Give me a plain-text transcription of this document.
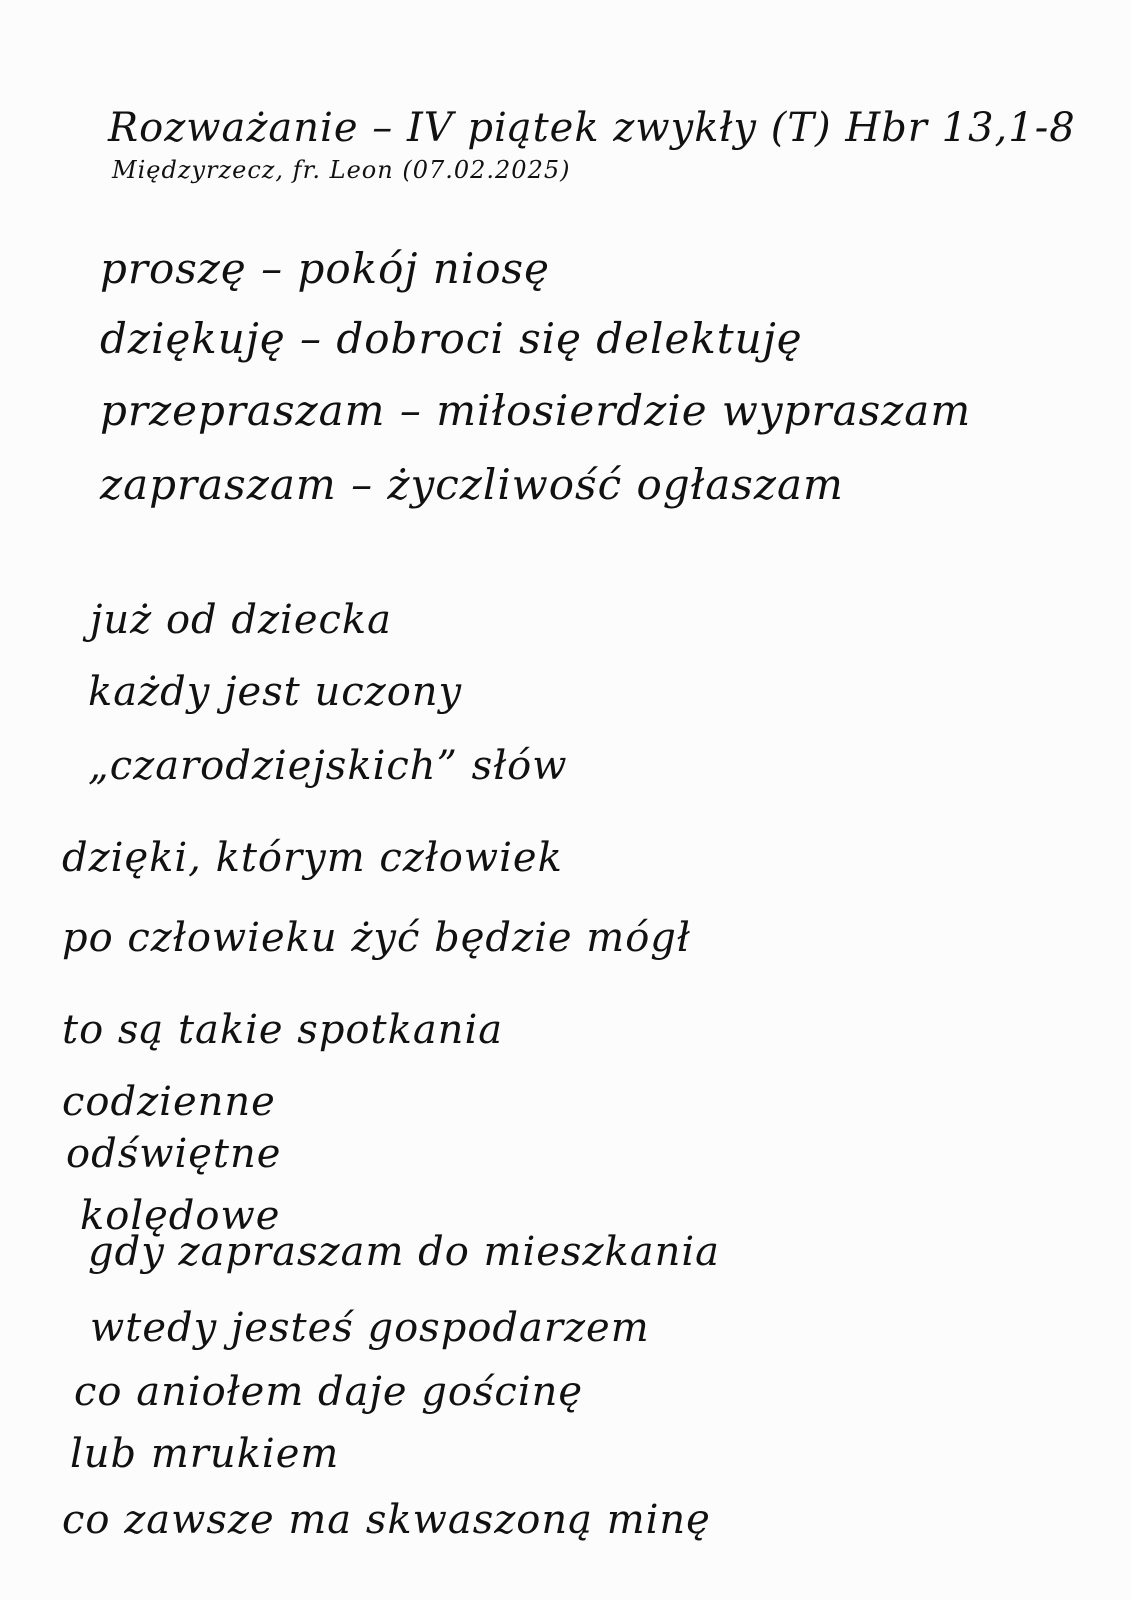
Rozważanie – IV piątek zwykły (T) Hbr 13,1-8
Międzyrzecz, fr. Leon (07.02.2025)
proszę – pokój niosę
dziękuję – dobroci się delektuję
przepraszam – miłosierdzie wypraszam
zapraszam – życzliwość ogłaszam
już od dziecka
każdy jest uczony
„czarodziejskich” słów
dzięki, którym człowiek
po człowieku żyć będzie mógł
to są takie spotkania
codzienne
odświętne
kolędowe
gdy zapraszam do mieszkania
wtedy jesteś gospodarzem
co aniołem daje gościnę
lub mrukiem
co zawsze ma skwaszoną minę
